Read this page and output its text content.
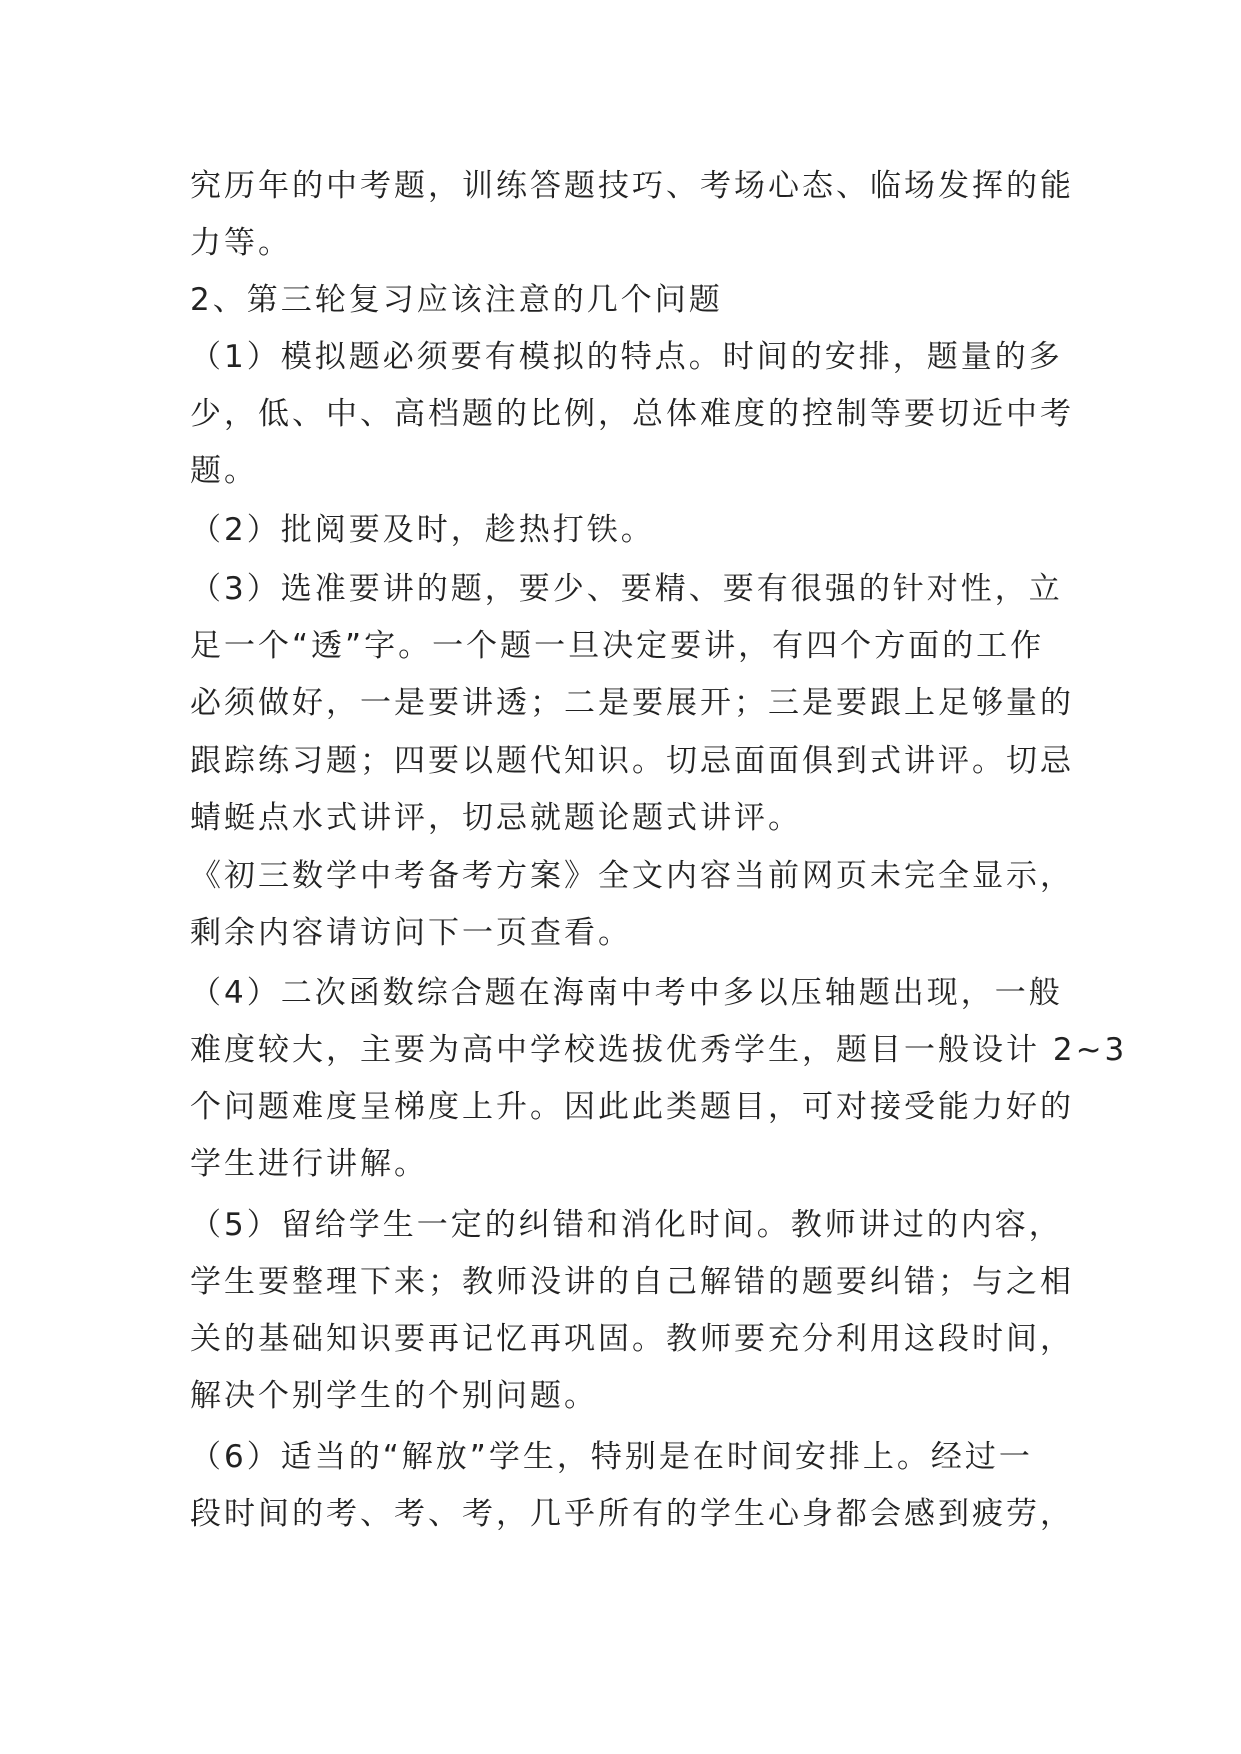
究历年的中考题，训练答题技巧、考场心态、临场发挥的能
力等。
2、第三轮复习应该注意的几个问题
（1）模拟题必须要有模拟的特点。时间的安排，题量的多
少，低、中、高档题的比例，总体难度的控制等要切近中考
题。
（2）批阅要及时，趁热打铁。
（3）选准要讲的题，要少、要精、要有很强的针对性，立
足一个“透”字。一个题一旦决定要讲，有四个方面的工作
必须做好，一是要讲透；二是要展开；三是要跟上足够量的
跟踪练习题；四要以题代知识。切忌面面俱到式讲评。切忌
蜻蜓点水式讲评，切忌就题论题式讲评。
《初三数学中考备考方案》全文内容当前网页未完全显示，
剩余内容请访问下一页查看。
（4）二次函数综合题在海南中考中多以压轴题出现，一般
难度较大，主要为高中学校选拔优秀学生，题目一般设计 2~3
个问题难度呈梯度上升。因此此类题目，可对接受能力好的
学生进行讲解。
（5）留给学生一定的纠错和消化时间。教师讲过的内容，
学生要整理下来；教师没讲的自己解错的题要纠错；与之相
关的基础知识要再记忆再巩固。教师要充分利用这段时间，
解决个别学生的个别问题。
（6）适当的“解放”学生，特别是在时间安排上。经过一
段时间的考、考、考，几乎所有的学生心身都会感到疲劳，
